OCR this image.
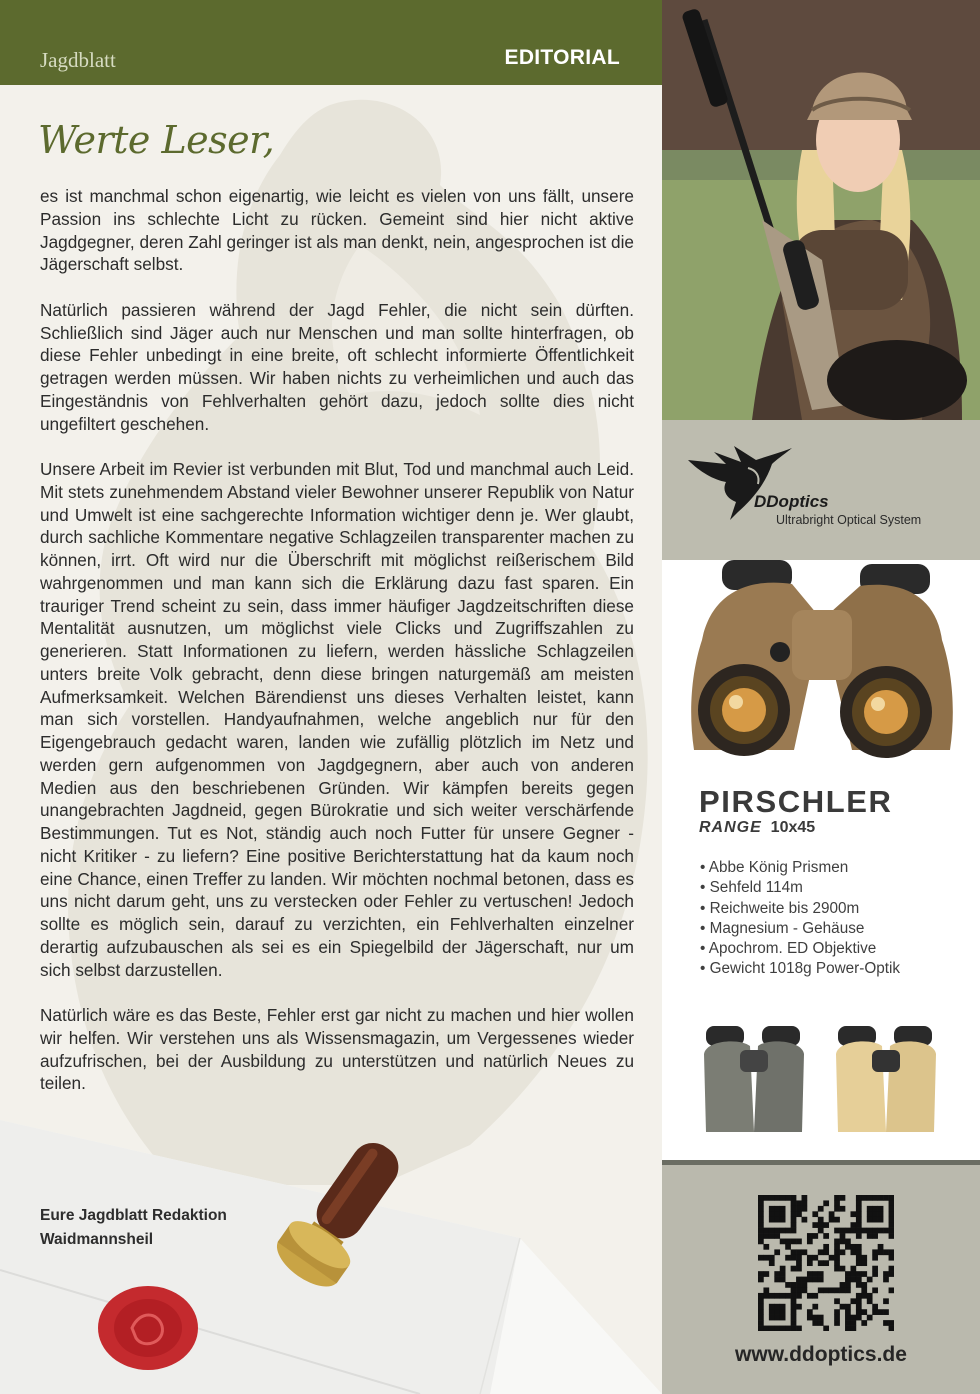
Jagdblatt	EDITORIAL
Werte Leser,

es ist manchmal schon eigenartig, wie leicht es vielen von uns fällt, unsere Passion ins schlechte Licht zu rücken. Gemeint sind hier nicht aktive Jagdgegner, deren Zahl geringer ist als man denkt, nein, angesprochen ist die Jägerschaft selbst.

Natürlich passieren während der Jagd Fehler, die nicht sein dürften. Schließlich sind Jäger auch nur Menschen und man sollte hinterfragen, ob diese Fehler unbedingt in eine breite, oft schlecht informierte Öffentlichkeit getragen werden müssen. Wir haben nichts zu verheimlichen und auch das Eingeständnis von Fehlverhalten gehört dazu, jedoch sollte dies nicht ungefiltert geschehen.

Unsere Arbeit im Revier ist verbunden mit Blut, Tod und manchmal auch Leid. Mit stets zunehmendem Abstand vieler Bewohner unserer Republik von Natur und Umwelt ist eine sachgerechte Information wichtiger denn je. Wer glaubt, durch sachliche Kommentare negative Schlagzeilen transparenter machen zu können, irrt. Oft wird nur die Überschrift mit möglichst reißerischem Bild wahrgenommen und man kann sich die Erklärung dazu fast sparen. Ein trauriger Trend scheint zu sein, dass immer häufiger Jagdzeitschriften diese Mentalität ausnutzen, um möglichst viele Clicks und Zugriffszahlen zu generieren. Statt Informationen zu liefern, werden hässliche Schlagzeilen unters breite Volk gebracht, denn diese bringen naturgemäß am meisten Aufmerksamkeit. Welchen Bärendienst uns dieses Verhalten leistet, kann man sich vorstellen. Handyaufnahmen, welche angeblich nur für den Eigengebrauch gedacht waren, landen wie zufällig plötzlich im Netz und werden gern aufgenommen von Jagdgegnern, aber auch von anderen Medien aus den beschriebenen Gründen. Wir kämpfen bereits gegen unangebrachten Jagdneid, gegen Bürokratie und sich weiter verschärfende Bestimmungen. Tut es Not, ständig auch noch Futter für unsere Gegner - nicht Kritiker - zu liefern? Eine positive Berichterstattung hat da kaum noch eine Chance, einen Treffer zu landen. Wir möchten nochmal betonen, dass es uns nicht darum geht, uns zu verstecken oder Fehler zu vertuschen! Jedoch sollte es möglich sein, darauf zu verzichten, ein Fehlverhalten einzelner derartig aufzubauschen als sei es ein Spiegelbild der Jägerschaft, nur um sich selbst darzustellen.

Natürlich wäre es das Beste, Fehler erst gar nicht zu machen und hier wollen wir helfen. Wir verstehen uns als Wissensmagazin, um Vergessenes wieder aufzufrischen, bei der Ausbildung zu unterstützen und natürlich Neues zu teilen.

Eure Jagdblatt Redaktion
Waidmannsheil
DDoptics
Ultrabright Optical System
PIRSCHLER
RANGE 10x45
• Abbe König Prismen
• Sehfeld 114m
• Reichweite bis 2900m
• Magnesium - Gehäuse
• Apochrom. ED Objektive
• Gewicht 1018g Power-Optik
www.ddoptics.de
